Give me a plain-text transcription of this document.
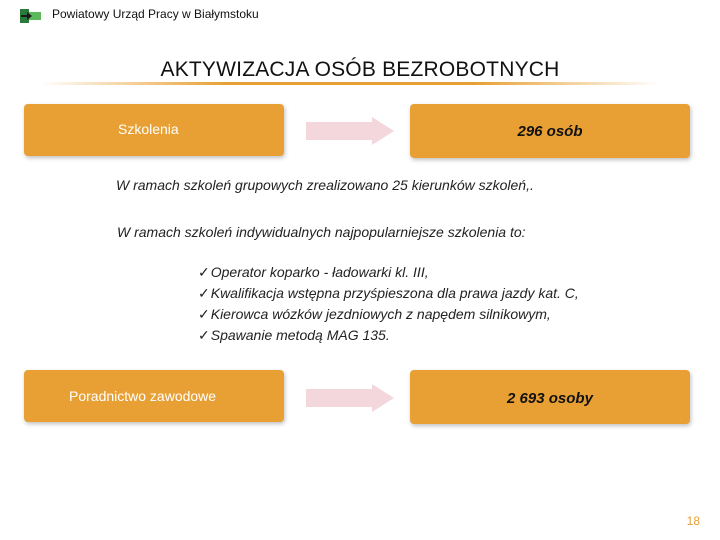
Powiatowy Urząd Pracy w Białymstoku
AKTYWIZACJA OSÓB BEZROBOTNYCH
Szkolenia	296 osób
W ramach szkoleń grupowych zrealizowano 25 kierunków szkoleń,.
W ramach szkoleń indywidualnych najpopularniejsze szkolenia to:
✓Operator koparko - ładowarki kl. III,
✓Kwalifikacja wstępna przyśpieszona dla prawa jazdy kat. C,
✓Kierowca wózków jezdniowych z napędem silnikowym,
✓Spawanie metodą MAG 135.
Poradnictwo zawodowe	2 693 osoby
18
